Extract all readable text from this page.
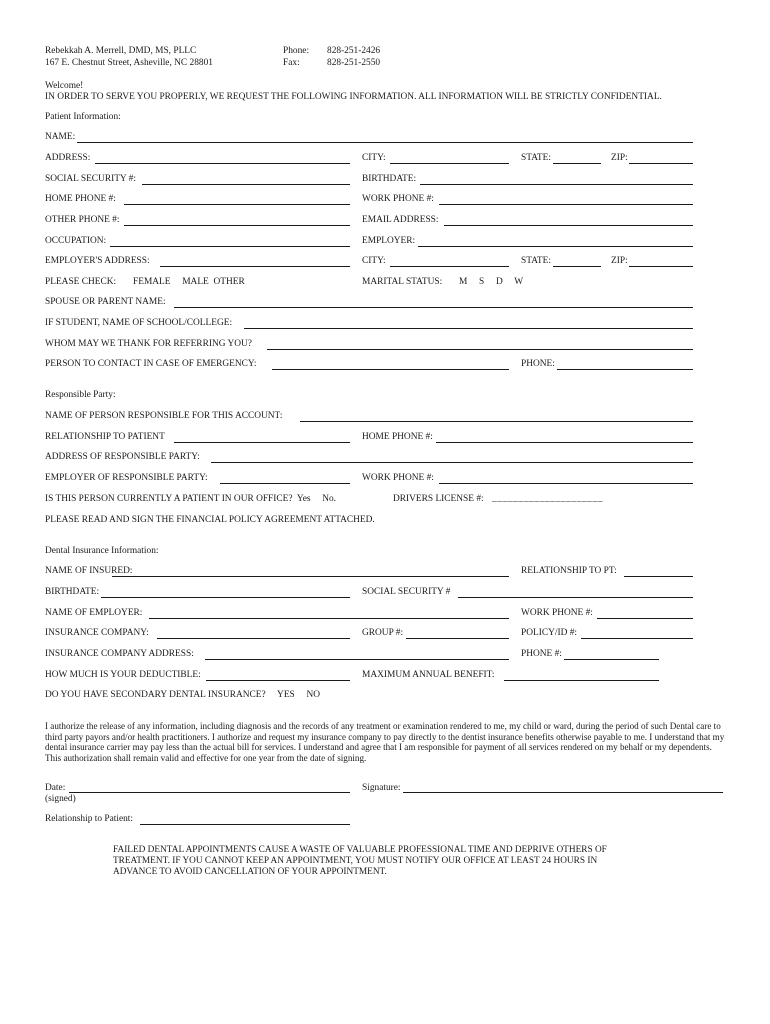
Rebekkah A. Merrell, DMD, MS, PLLC
167 E. Chestnut Street, Asheville, NC 28801
Phone: 828-251-2426
Fax:	828-251-2550
Welcome!
IN ORDER TO SERVE YOU PROPERLY, WE REQUEST THE FOLLOWING INFORMATION. ALL INFORMATION WILL BE STRICTLY CONFIDENTIAL.
Patient Information:
NAME:
ADDRESS:	CITY:	STATE:	ZIP:
SOCIAL SECURITY #:	BIRTHDATE:
HOME PHONE #:	WORK PHONE #:
OTHER PHONE #:	EMAIL ADDRESS:
OCCUPATION:	EMPLOYER:
EMPLOYER'S ADDRESS:	CITY:	STATE:	ZIP:
PLEASE CHECK: FEMALE     MALE  OTHER	MARITAL STATUS: M     S     D     W
SPOUSE OR PARENT NAME:
IF STUDENT, NAME OF SCHOOL/COLLEGE:
WHOM MAY WE THANK FOR REFERRING YOU?
PERSON TO CONTACT IN CASE OF EMERGENCY:	PHONE:
Responsible Party:
NAME OF PERSON RESPONSIBLE FOR THIS ACCOUNT:
RELATIONSHIP TO PATIENT	HOME PHONE #:
ADDRESS OF RESPONSIBLE PARTY:
EMPLOYER OF RESPONSIBLE PARTY:	WORK PHONE #:
IS THIS PERSON CURRENTLY A PATIENT IN OUR OFFICE?  Yes     No.	DRIVERS LICENSE #: _____________________
PLEASE READ AND SIGN THE FINANCIAL POLICY AGREEMENT ATTACHED.
Dental Insurance Information:
NAME OF INSURED:	RELATIONSHIP TO PT:
BIRTHDATE:	SOCIAL SECURITY #
NAME OF EMPLOYER:	WORK PHONE #:
INSURANCE COMPANY:	GROUP #:	POLICY/ID #:
INSURANCE COMPANY ADDRESS:	PHONE #:
HOW MUCH IS YOUR DEDUCTIBLE:	MAXIMUM ANNUAL BENEFIT:
DO YOU HAVE SECONDARY DENTAL INSURANCE?     YES     NO
I authorize the release of any information, including diagnosis and the records of any treatment or examination rendered to me, my child or ward, during the period of such Dental care to third party payors and/or health practitioners. I authorize and request my insurance company to pay directly to the dentist insurance benefits otherwise payable to me. I understand that my dental insurance carrier may pay less than the actual bill for services. I understand and agree that I am responsible for payment of all services rendered on my behalf or my dependents. This authorization shall remain valid and effective for one year from the date of signing.
Date:
(signed)
Signature:
Relationship to Patient:
FAILED DENTAL APPOINTMENTS CAUSE A WASTE OF VALUABLE PROFESSIONAL TIME AND DEPRIVE OTHERS OF TREATMENT. IF YOU CANNOT KEEP AN APPOINTMENT, YOU MUST NOTIFY OUR OFFICE AT LEAST 24 HOURS IN ADVANCE TO AVOID CANCELLATION OF YOUR APPOINTMENT.
